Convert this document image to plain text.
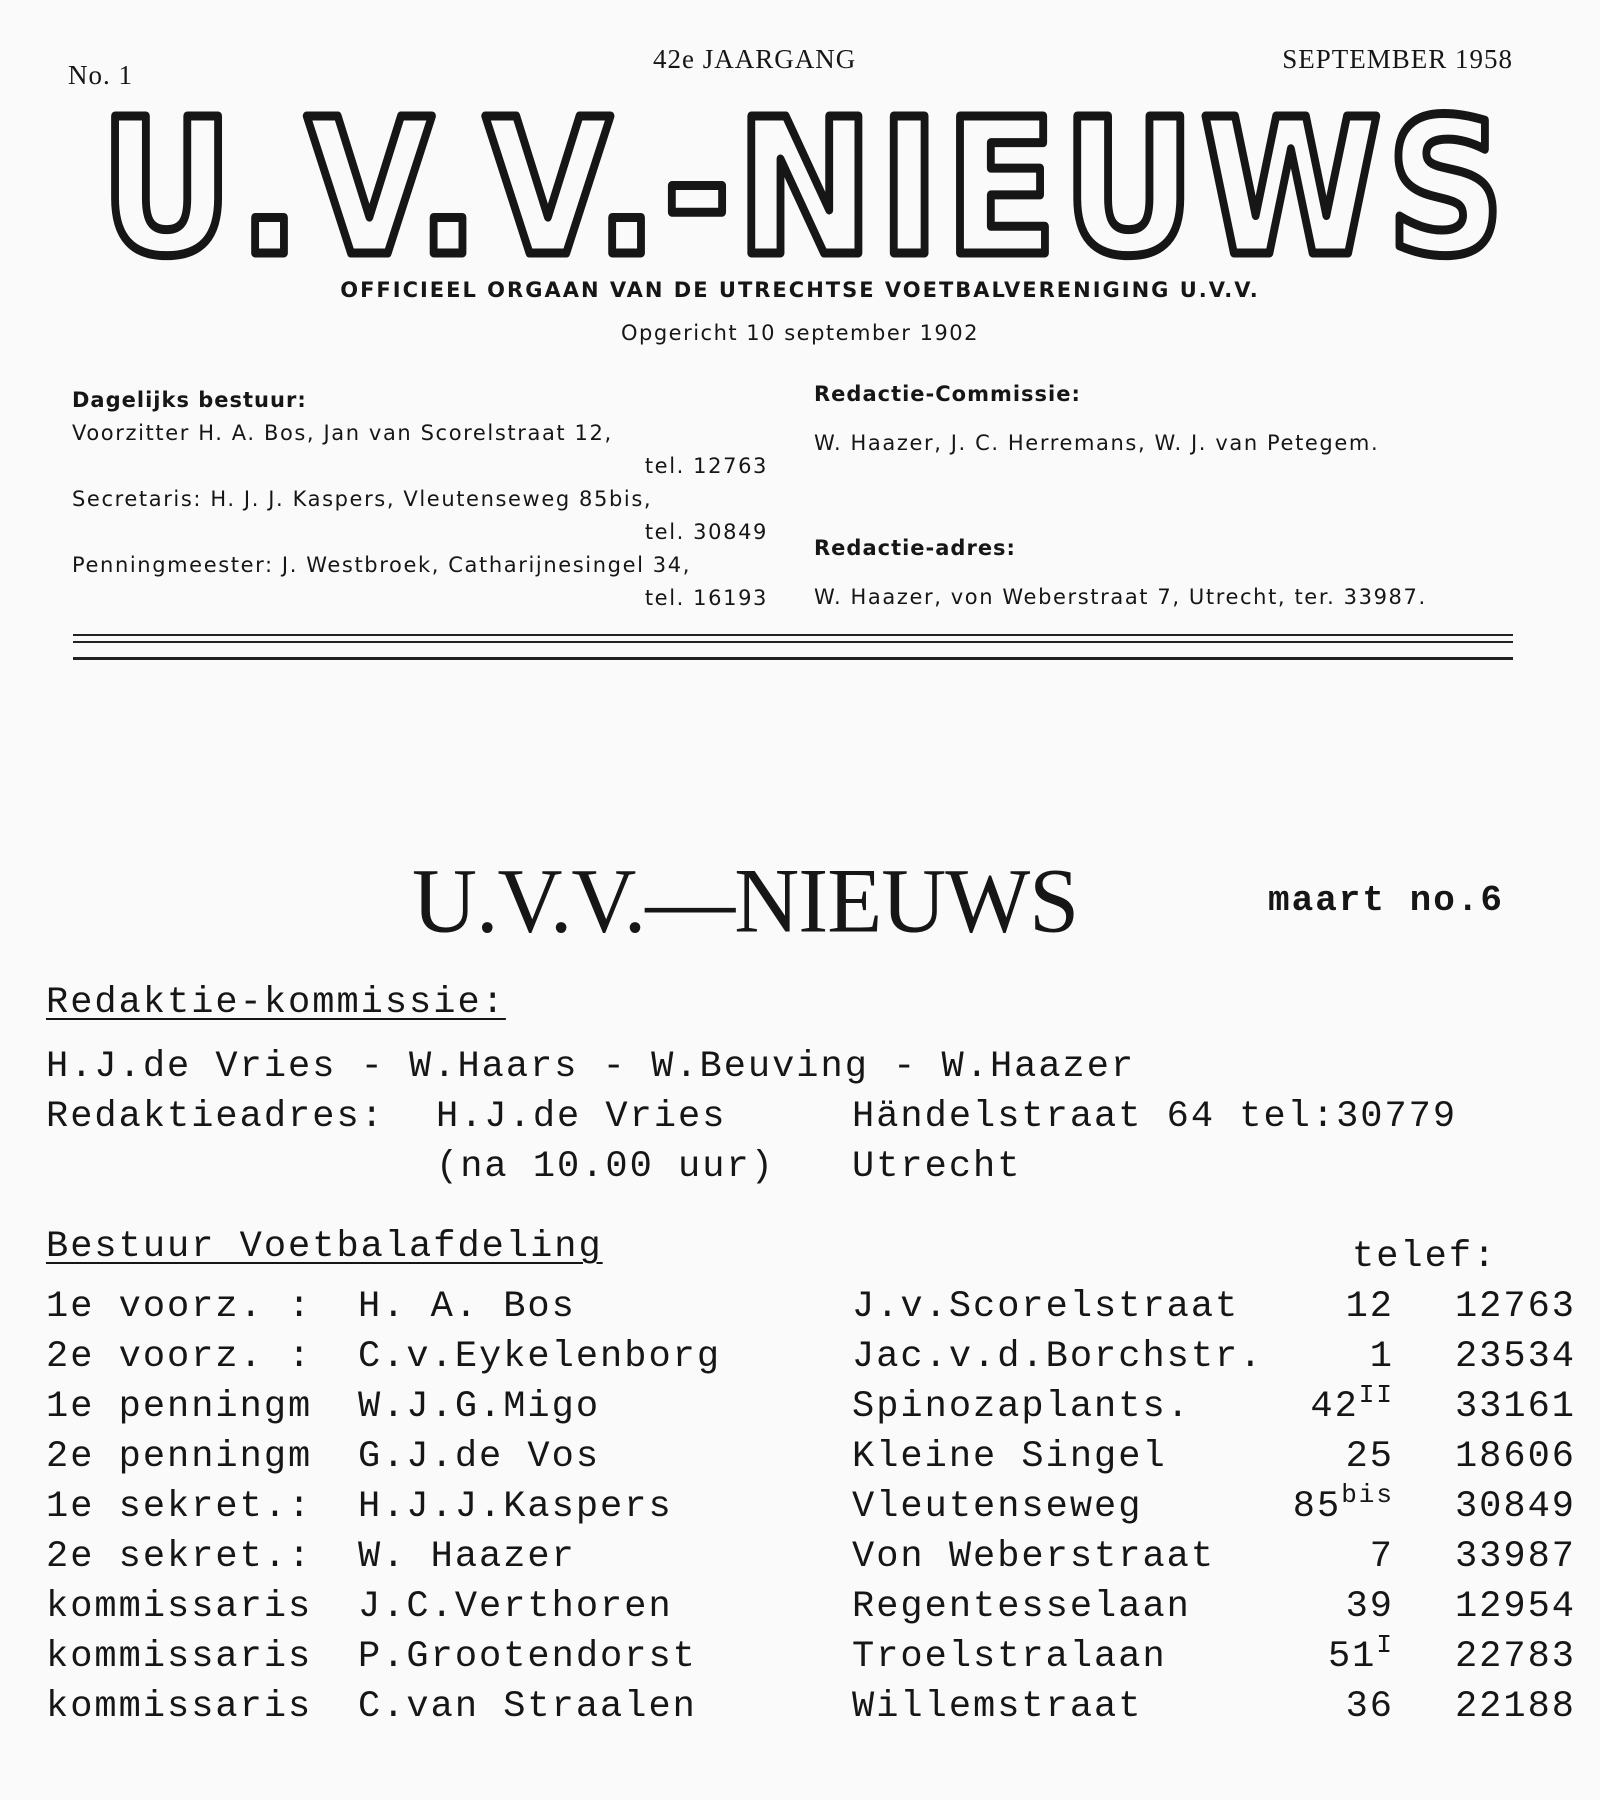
No. 1
42e JAARGANG	SEPTEMBER 1958
U.V.V.-NIEUWS
OFFICIEEL ORGAAN VAN DE UTRECHTSE VOETBALVERENIGING U.V.V.
Opgericht 10 september 1902
Dagelijks bestuur:
Voorzitter H. A. Bos, Jan van Scorelstraat 12,
tel. 12763
Secretaris: H. J. J. Kaspers, Vleutenseweg 85bis,
tel. 30849
Penningmeester: J. Westbroek, Catharijnesingel 34,
tel. 16193
Redactie-Commissie:
W. Haazer, J. C. Herremans, W. J. van Petegem.
Redactie-adres:
W. Haazer, von Weberstraat 7, Utrecht, ter. 33987.
U.V.V.—NIEUWS	maart no.6
Redaktie-kommissie:
H.J.de Vries - W.Haars - W.Beuving - W.Haazer
Redaktieadres: H.J.de Vries	Händelstraat 64 tel:30779
(na 10.00 uur) Utrecht
Bestuur Voetbalafdeling	telef:
1e voorz. : H. A. Bos	J.v.Scorelstraat	12 12763
2e voorz. : C.v.Eykelenborg	Jac.v.d.Borchstr.	1 23534
1e penningm W.J.G.Migo	Spinozaplants.	$42^{II}$ 33161
2e penningm G.J.de Vos	Kleine Singel	25 18606
1e sekret.: H.J.J.Kaspers	Vleutenseweg	$85^{bis}$ 30849
2e sekret.: W. Haazer	Von Weberstraat	7 33987
kommissaris J.C.Verthoren	Regentesselaan	39 12954
kommissaris P.Grootendorst	Troelstralaan	$51^I$ 22783
kommissaris C.van Straalen	Willemstraat	36 22188
